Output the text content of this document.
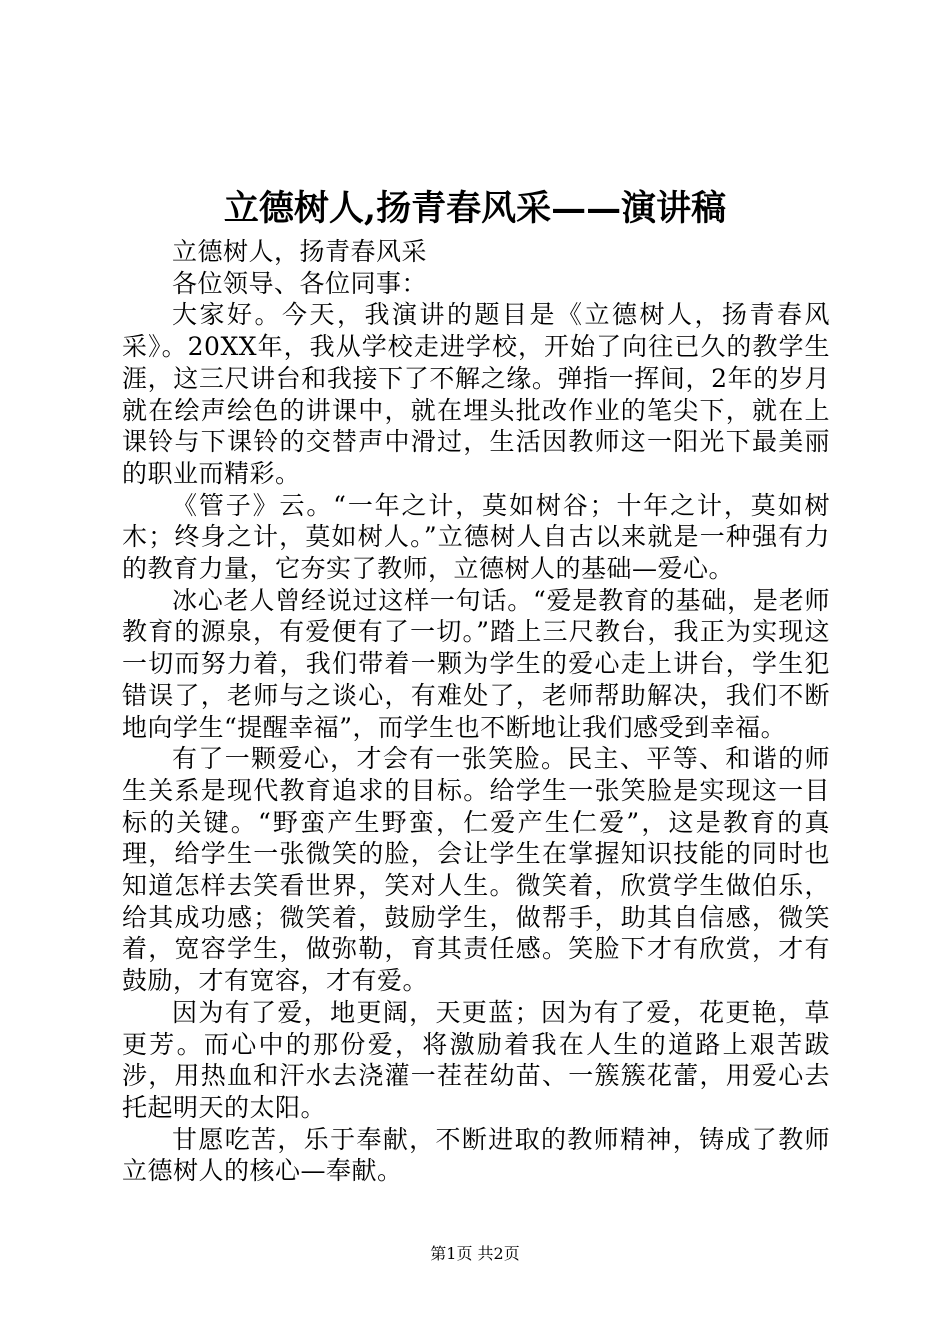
立德树人,扬青春风采——演讲稿

立德树人，扬青春风采

各位领导、各位同事：

大家好。今天，我演讲的题目是《立德树人，扬青春风采》。20XX年，我从学校走进学校，开始了向往已久的教学生涯，这三尺讲台和我接下了不解之缘。弹指一挥间，2年的岁月就在绘声绘色的讲课中，就在埋头批改作业的笔尖下，就在上课铃与下课铃的交替声中滑过，生活因教师这一阳光下最美丽的职业而精彩。

《管子》云。“一年之计，莫如树谷；十年之计，莫如树木；终身之计，莫如树人。”立德树人自古以来就是一种强有力的教育力量，它夯实了教师，立德树人的基础—爱心。

冰心老人曾经说过这样一句话。“爱是教育的基础，是老师教育的源泉，有爱便有了一切。”踏上三尺教台，我正为实现这一切而努力着，我们带着一颗为学生的爱心走上讲台，学生犯错误了，老师与之谈心，有难处了，老师帮助解决，我们不断地向学生“提醒幸福”，而学生也不断地让我们感受到幸福。

有了一颗爱心，才会有一张笑脸。民主、平等、和谐的师生关系是现代教育追求的目标。给学生一张笑脸是实现这一目标的关键。“野蛮产生野蛮，仁爱产生仁爱”，这是教育的真理，给学生一张微笑的脸，会让学生在掌握知识技能的同时也知道怎样去笑看世界，笑对人生。微笑着，欣赏学生做伯乐，给其成功感；微笑着，鼓励学生，做帮手，助其自信感，微笑着，宽容学生，做弥勒，育其责任感。笑脸下才有欣赏，才有鼓励，才有宽容，才有爱。

因为有了爱，地更阔，天更蓝；因为有了爱，花更艳，草更芳。而心中的那份爱，将激励着我在人生的道路上艰苦跋涉，用热血和汗水去浇灌一茬茬幼苗、一簇簇花蕾，用爱心去托起明天的太阳。

甘愿吃苦，乐于奉献，不断进取的教师精神，铸成了教师立德树人的核心—奉献。

第1页 共2页
